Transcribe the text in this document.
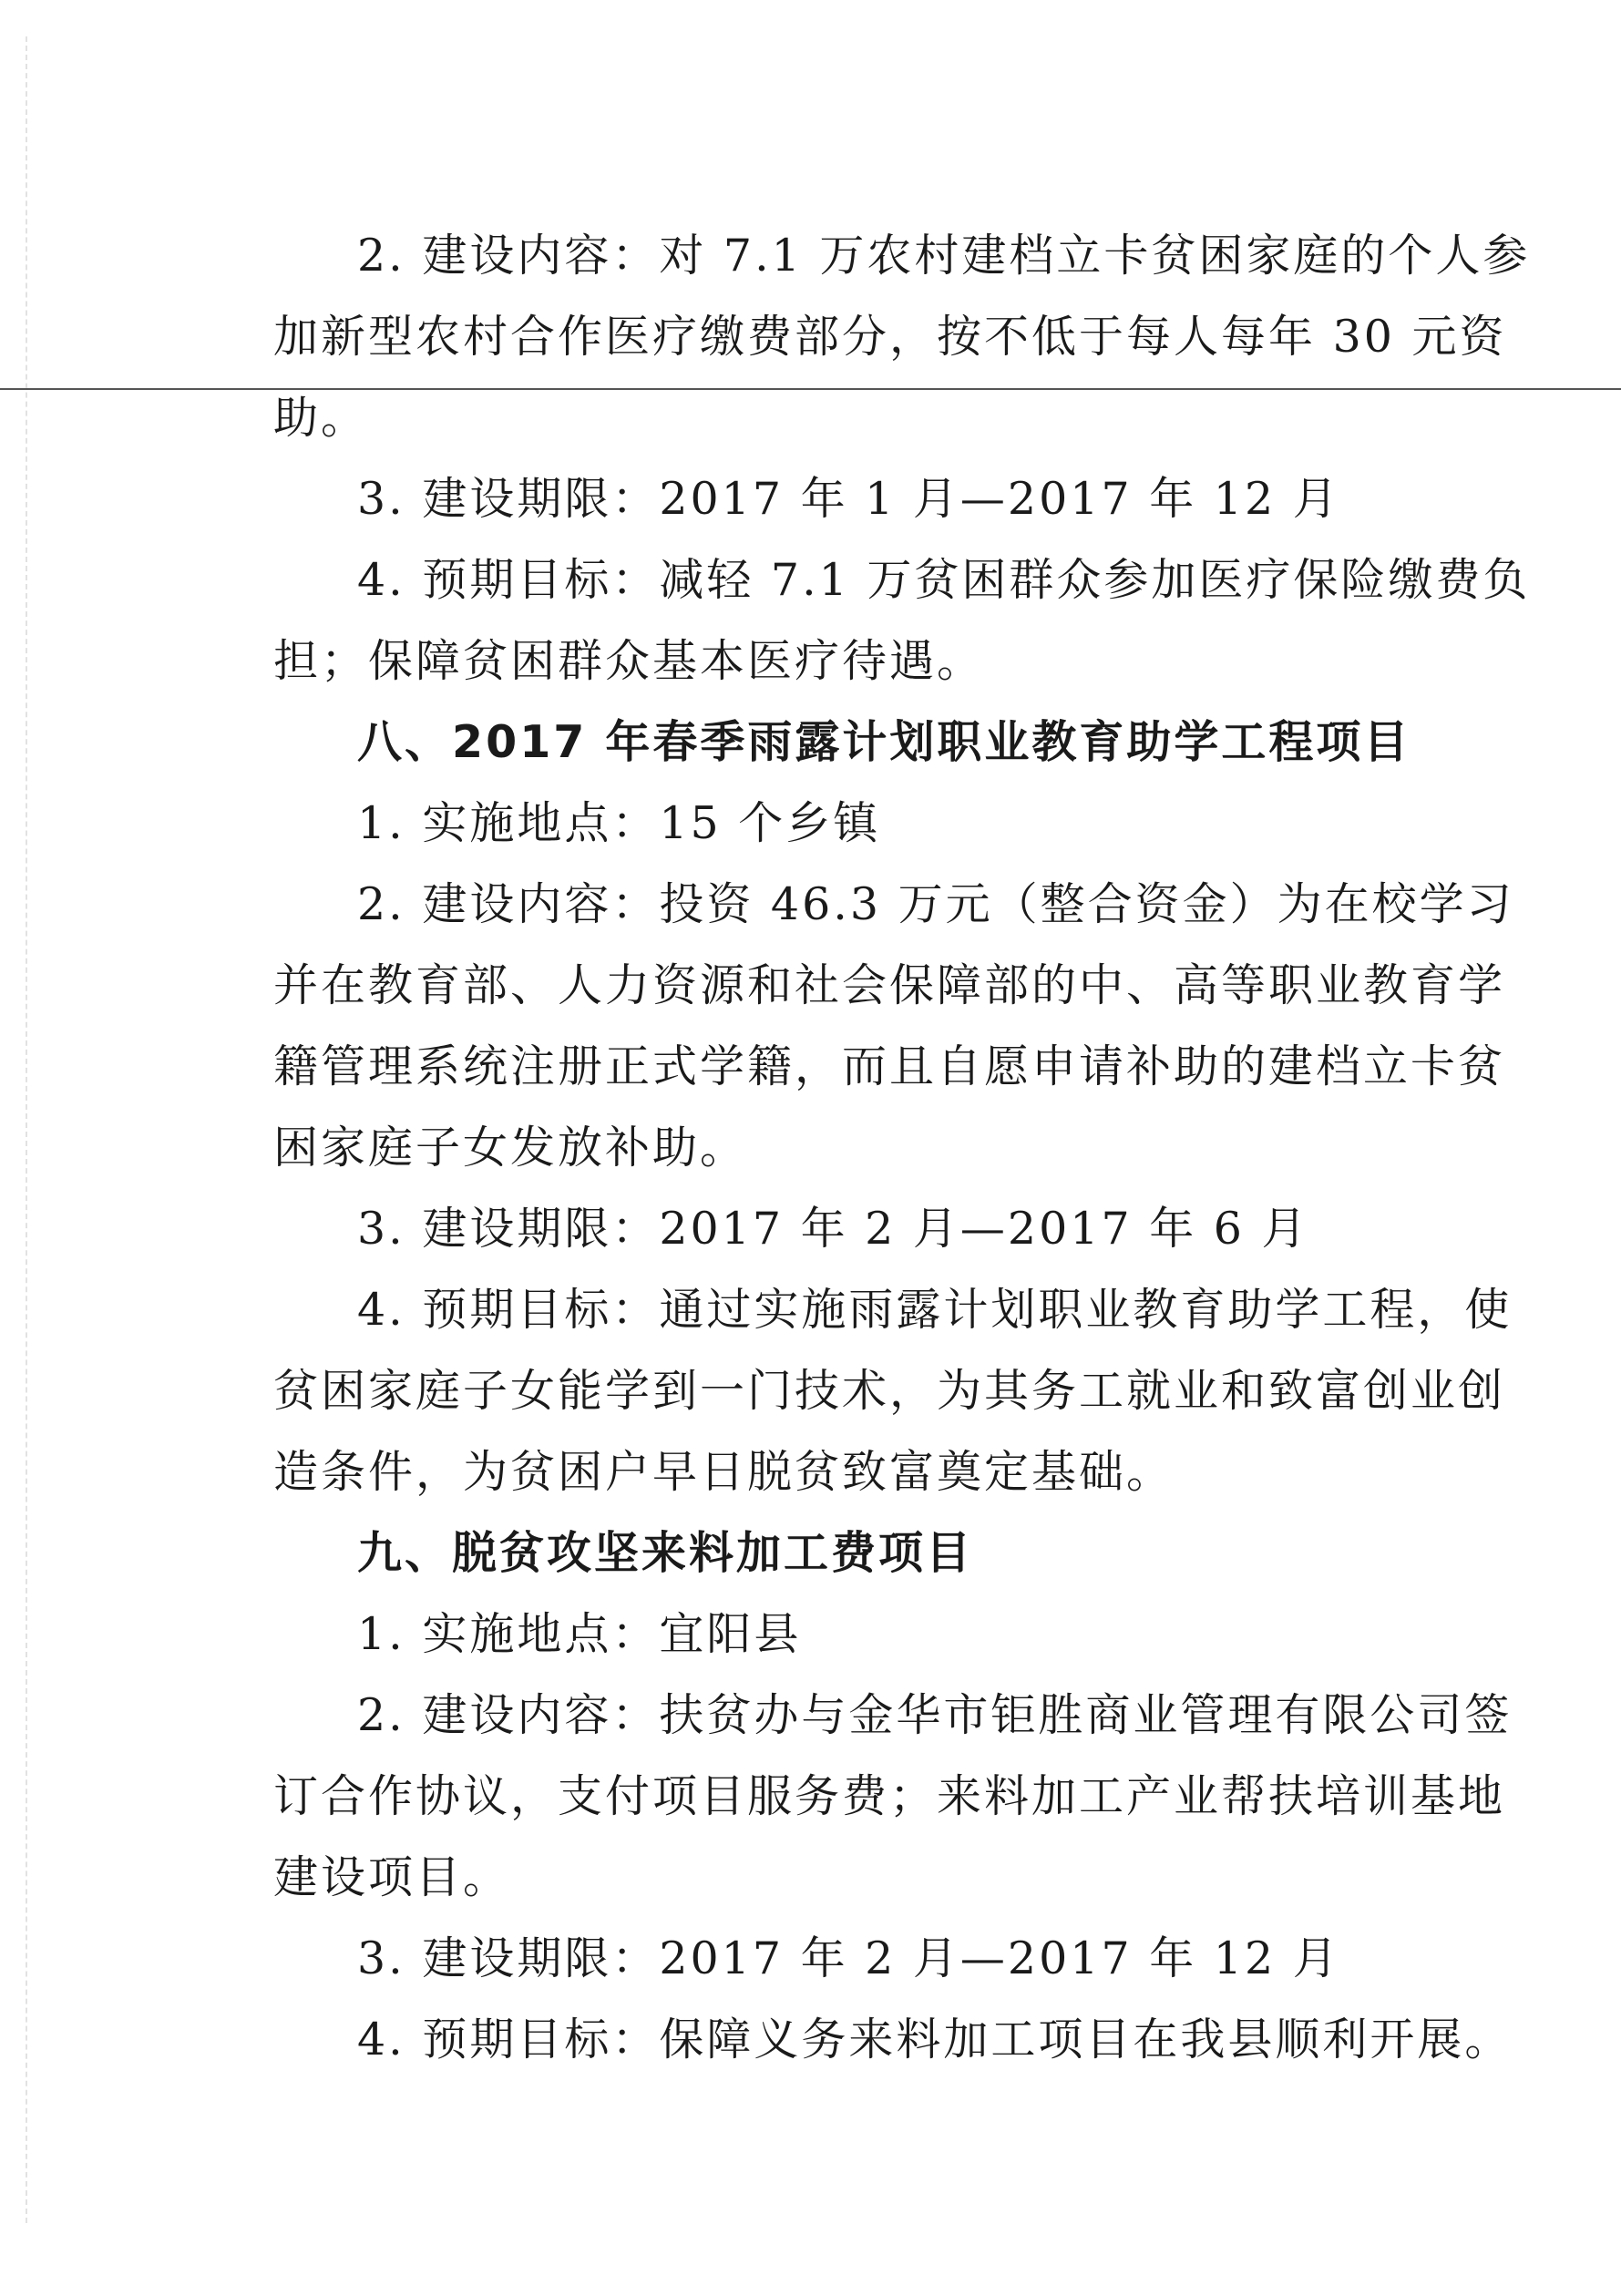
2. 建设内容：对 7.1 万农村建档立卡贫困家庭的个人参
加新型农村合作医疗缴费部分，按不低于每人每年 30 元资
助。
3. 建设期限：2017 年 1 月—2017 年 12 月
4. 预期目标：减轻 7.1 万贫困群众参加医疗保险缴费负
担；保障贫困群众基本医疗待遇。
八、2017 年春季雨露计划职业教育助学工程项目
1. 实施地点：15 个乡镇
2. 建设内容：投资 46.3 万元（整合资金）为在校学习
并在教育部、人力资源和社会保障部的中、高等职业教育学
籍管理系统注册正式学籍，而且自愿申请补助的建档立卡贫
困家庭子女发放补助。
3. 建设期限：2017 年 2 月—2017 年 6 月
4. 预期目标：通过实施雨露计划职业教育助学工程，使
贫困家庭子女能学到一门技术，为其务工就业和致富创业创
造条件，为贫困户早日脱贫致富奠定基础。
九、脱贫攻坚来料加工费项目
1. 实施地点：宜阳县
2. 建设内容：扶贫办与金华市钜胜商业管理有限公司签
订合作协议，支付项目服务费；来料加工产业帮扶培训基地
建设项目。
3. 建设期限：2017 年 2 月—2017 年 12 月
4. 预期目标：保障义务来料加工项目在我县顺利开展。
